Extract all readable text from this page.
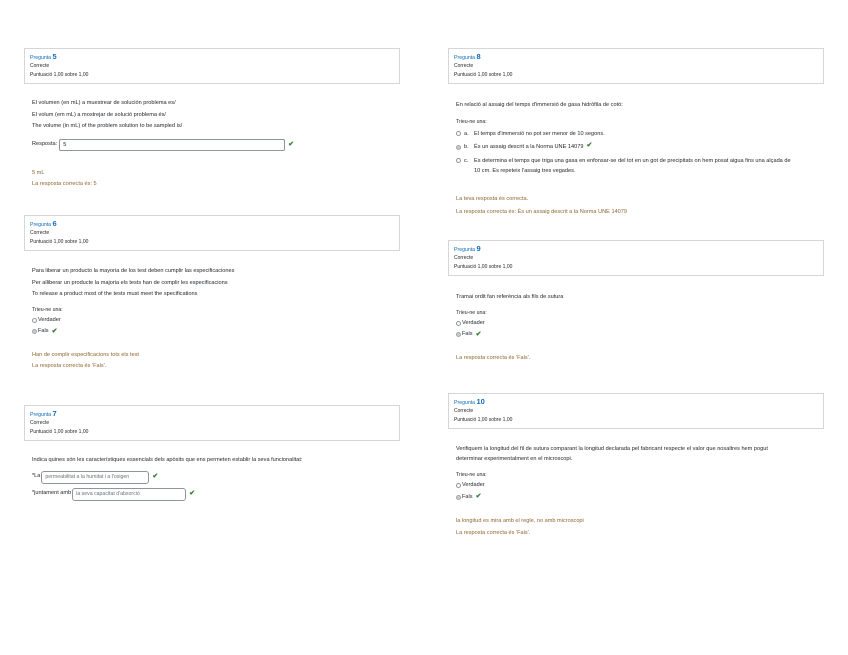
Pregunta 5
Correcte
Puntuació 1,00 sobre 1,00
El volumen (en mL) a muestrear de solución problema es/
El volum (em mL) a mostrejar de solució problema és/
The volume (in mL) of the problem solution to be sampled is/
Resposta:	5	✔
5 mL
La resposta correcta és: 5
Pregunta 6
Correcte
Puntuació 1,00 sobre 1,00
Para liberar un producto la mayoria de los test deben cumplir las especificaciones
Per alliberar un producte la majoria els tests han de complir les especificacions
To release a product most of the tests must meet the specifications
Trieu-ne una:
Verdader
Fals ✔
Han de complir especificacions tots els test
La resposta correcta és 'Fals'.
Pregunta 7
Correcte
Puntuació 1,00 sobre 1,00
Indica quines són les característiques essencials dels apòsits que ens permeten establir la seva funcionalitat:
*La permeabilitat a la humitat i a l'oxigen	✔
*juntament amb la seva capacitat d'absorció	✔
Pregunta 8
Correcte
Puntuació 1,00 sobre 1,00
En relació al assaig del temps d'immersió de gasa hidròfila de cotó:
Trieu-ne una:
a. El temps d'immersió no pot ser menor de 10 segons.
b. És un assaig descrit a la Norma UNE 14079 ✔
c.	Es determina el temps que triga una gasa en enfonsar-se del tot en un got de precipitats on hem posat aigua fins una alçada de 10 cm. Es repeteix l'assaig tres vegades.
La teva resposta és correcta.
La resposta correcta és: És un assaig descrit a la Norma UNE 14079
Pregunta 9
Correcte
Puntuació 1,00 sobre 1,00
Tramai ordit fan referència als fils de sutura
Trieu-ne una:
Verdader
Fals ✔
La resposta correcta és 'Fals'.
Pregunta 10
Correcte
Puntuació 1,00 sobre 1,00
Verifiquem la longitud del fil de sutura comparant la longitud declarada pel fabricant respecte el valor que nosaltres hem pogut
determinar experimentalment en el microscopi.
Trieu-ne una:
Verdader
Fals ✔
la longitud es mira amb el regle, no amb microscopi
La resposta correcta és 'Fals'.
